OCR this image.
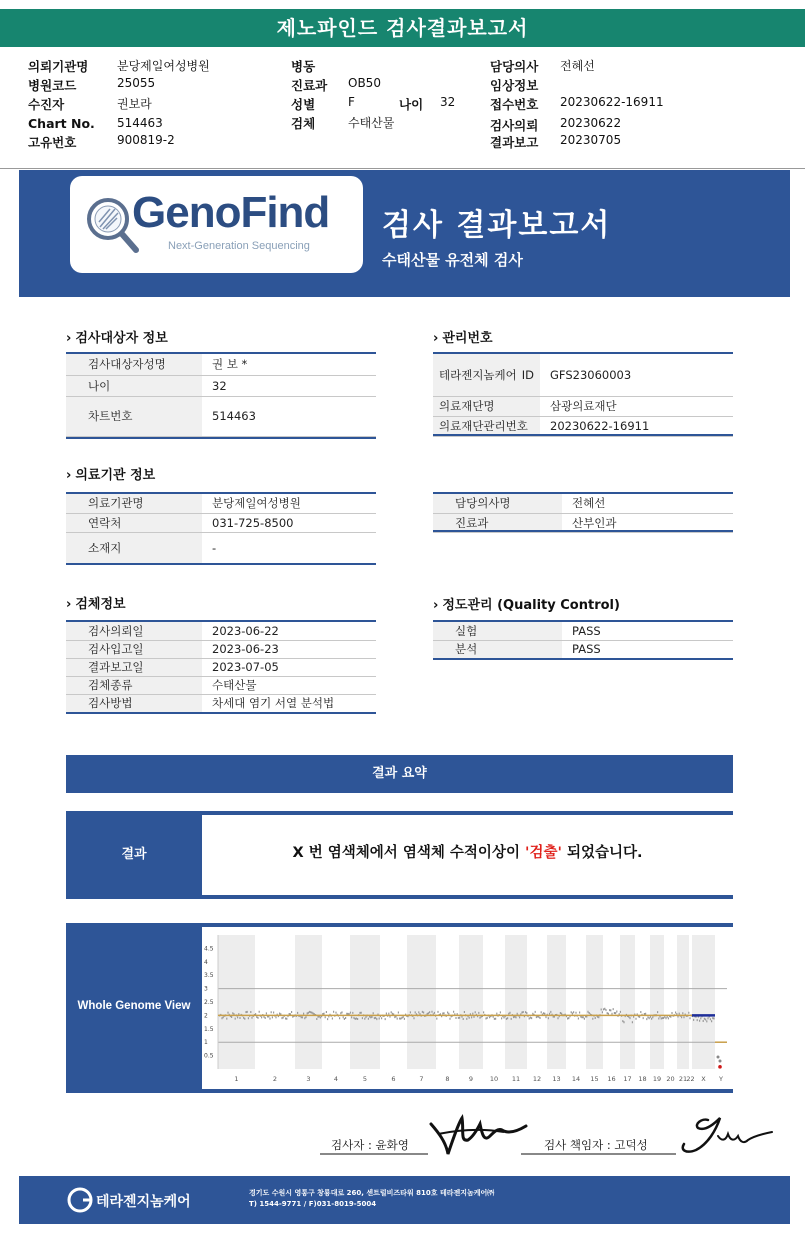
제노파인드 검사결과보고서
의뢰기관명 분당제일여성병원
병원코드	25055
수진자	권보라
Chart No. 514463
고유번호	900819-2
병동
진료과 OB50
성별	F	나이 32
검체	수태산물
담당의사 전혜선
임상정보
접수번호 20230622-16911
검사의뢰 20230622
결과보고 20230705
GenoFind
Next-Generation Sequencing
검사 결과보고서
수태산물 유전체 검사
› 검사대상자 정보
검사대상자성명	권 보 *
나이	32
차트번호	514463
› 관리번호
테라젠지놈케어 ID	GFS23060003
의료재단명	삼광의료재단
의료재단관리번호	20230622-16911
› 의료기관 정보
의료기관명	분당제일여성병원
연락처	031-725-8500
소재지	-
담당의사명	전혜선
진료과	산부인과
› 검체정보
검사의뢰일	2023-06-22
검사입고일	2023-06-23
결과보고일	2023-07-05
검체종류	수태산물
검사방법	차세대 염기 서열 분석법
› 정도관리 (Quality Control)
실험	PASS
분석	PASS
결과 요약
결과	X 번 염색체에서 염색체 수적이상이 '검출' 되었습니다.
Whole Genome View
1	2	3	4	5	6	7	8	9	10 11 12 13 14 15 16 17 18 19 20 21 22 X Y
4.5
4
3.5
3
2.5
2
1.5
1
0.5
검사자 : 윤화영	검사 책임자 : 고덕성
테라젠지놈케어
경기도 수원시 영통구 창룡대로 260, 센트럴비즈타워 810호 테라젠지놈케어㈜
T) 1544-9771 / F)031-8019-5004
